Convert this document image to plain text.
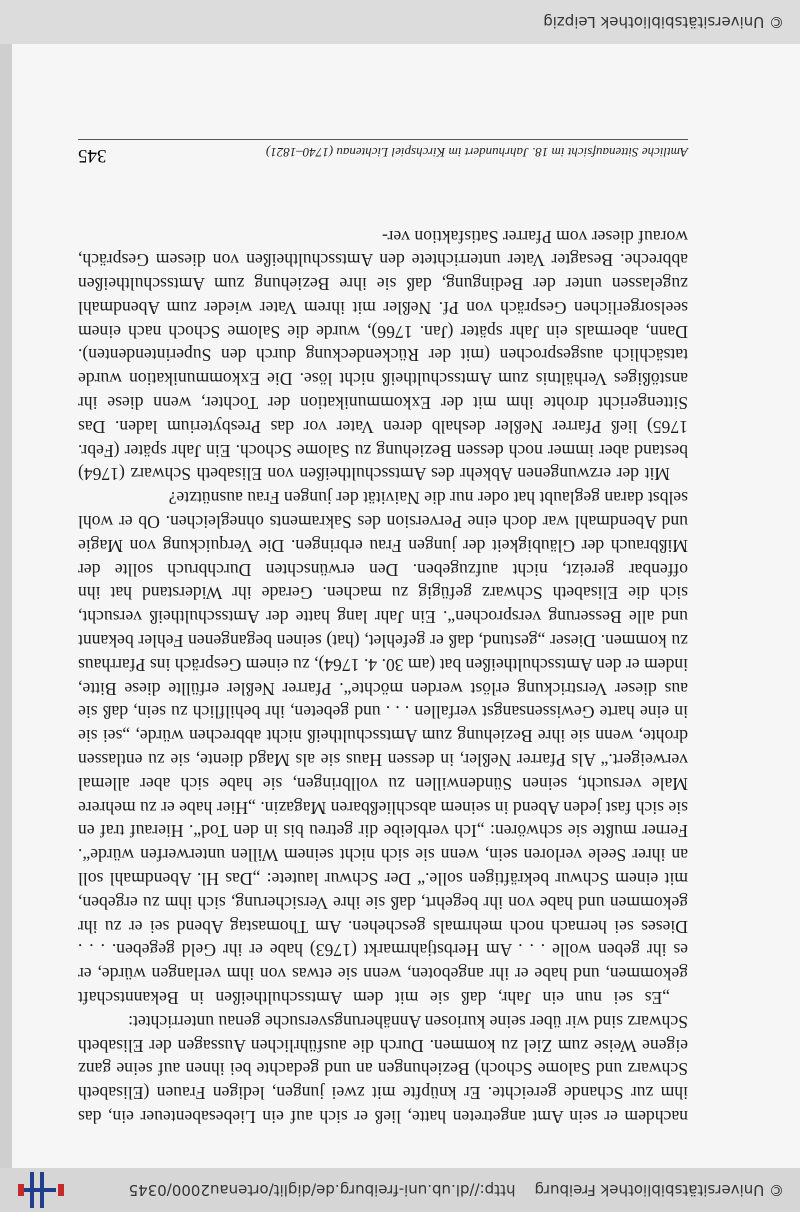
© Universitätsbibliothek Freiburg    http://dl.ub.uni-freiburg.de/diglit/ortenau2000/0345

nachdem er sein Amt angetreten hatte, ließ er sich auf ein Liebesabenteuer ein, das ihm zur Schande gereichte. Er knüpfte mit zwei jungen, ledigen Frauen (Elisabeth Schwarz und Salome Schoch) Beziehungen an und gedachte bei ihnen auf seine ganz eigene Weise zum Ziel zu kommen. Durch die ausführlichen Aussagen der Elisabeth Schwarz sind wir über seine kuriosen Annäherungsversuche genau unterrichtet:

„Es sei nun ein Jahr, daß sie mit dem Amtsschultheißen in Bekanntschaft gekommen, und habe er ihr angeboten, wenn sie etwas von ihm verlangen würde, er es ihr geben wolle . . . Am Herbstjahrmarkt (1763) habe er ihr Geld gegeben. . . . Dieses sei hernach noch mehrmals geschehen. Am Thomastag Abend sei er zu ihr gekommen und habe von ihr begehrt, daß sie ihre Versicherung, sich ihm zu ergeben, mit einem Schwur bekräftigen solle.“ Der Schwur lautete: „Das Hl. Abendmahl soll an ihrer Seele verloren sein, wenn sie sich nicht seinem Willen unterwerfen würde“. Ferner mußte sie schwören: „Ich verbleibe dir getreu bis in den Tod“. Hierauf traf en sie sich fast jeden Abend in seinem abschließbaren Magazin. „Hier habe er zu mehrere Male versucht, seinen Sündenwillen zu vollbringen, sie habe sich aber allemal verweigert.“ Als Pfarrer Neßler, in dessen Haus sie als Magd diente, sie zu entlassen drohte, wenn sie ihre Beziehung zum Amtsschultheiß nicht abbrechen würde, „sei sie in eine harte Gewissensangst verfallen . . . und gebeten, ihr behilflich zu sein, daß sie aus dieser Verstrickung erlöst werden möchte“. Pfarrer Neßler erfüllte diese Bitte, indem er den Amtsschultheißen bat (am 30. 4. 1764), zu einem Gespräch ins Pfarrhaus zu kommen. Dieser „gestund, daß er gefehlet, (hat) seinen begangenen Fehler bekannt und alle Besserung versprochen“. Ein Jahr lang hatte der Amtsschultheiß versucht, sich die Elisabeth Schwarz gefügig zu machen. Gerade ihr Widerstand hat ihn offenbar gereizt, nicht aufzugeben. Den erwünschten Durchbruch sollte der Mißbrauch der Gläubigkeit der jungen Frau erbringen. Die Verquickung von Magie und Abendmahl war doch eine Perversion des Sakraments ohnegleichen. Ob er wohl selbst daran geglaubt hat oder nur die Naivität der jungen Frau ausnützte?

Mit der erzwungenen Abkehr des Amtsschultheißen von Elisabeth Schwarz (1764) bestand aber immer noch dessen Beziehung zu Salome Schoch. Ein Jahr später (Febr. 1765) ließ Pfarrer Neßler deshalb deren Vater vor das Presbyterium laden. Das Sittengericht drohte ihm mit der Exkommunikation der Tochter, wenn diese ihr anstößiges Verhältnis zum Amtsschultheiß nicht löse. Die Exkommunikation wurde tatsächlich ausgesprochen (mit der Rückendeckung durch den Superintendenten). Dann, abermals ein Jahr später (Jan. 1766), wurde die Salome Schoch nach einem seelsorgerlichen Gespräch von Pf. Neßler mit ihrem Vater wieder zum Abendmahl zugelassen unter der Bedingung, daß sie ihre Beziehung zum Amtsschultheißen abbreche. Besagter Vater unterrichtete den Amtsschultheißen von diesem Gespräch, worauf dieser vom Pfarrer Satisfaktion ver-

Amtliche Sittenaufsicht im 18. Jahrhundert im Kirchspiel Lichtenau (1740–1821)
345
© Universitätsbibliothek Leipzig
